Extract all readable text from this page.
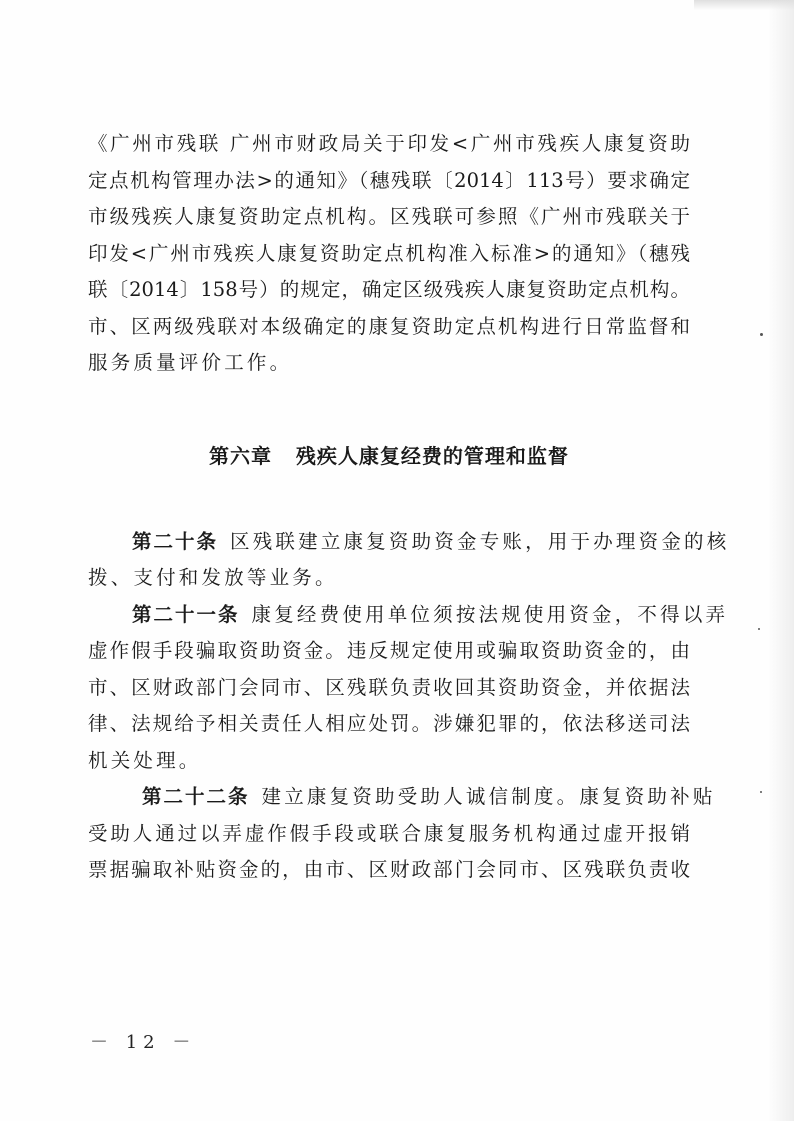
《广州市残联 广州市财政局关于印发<广州市残疾人康复资助

定点机构管理办法>的通知》（穗残联〔2014〕113号）要求确定

市级残疾人康复资助定点机构。区残联可参照《广州市残联关于

印发<广州市残疾人康复资助定点机构准入标准>的通知》（穗残

联〔2014〕158号）的规定，确定区级残疾人康复资助定点机构。

市、区两级残联对本级确定的康复资助定点机构进行日常监督和

服务质量评价工作。

第六章   残疾人康复经费的管理和监督

第二十条 区残联建立康复资助资金专账，用于办理资金的核

拨、支付和发放等业务。

第二十一条 康复经费使用单位须按法规使用资金，不得以弄

虚作假手段骗取资助资金。违反规定使用或骗取资助资金的，由

市、区财政部门会同市、区残联负责收回其资助资金，并依据法

律、法规给予相关责任人相应处罚。涉嫌犯罪的，依法移送司法

机关处理。

第二十二条 建立康复资助受助人诚信制度。康复资助补贴

受助人通过以弄虚作假手段或联合康复服务机构通过虚开报销

票据骗取补贴资金的，由市、区财政部门会同市、区残联负责收

－ 12 －
